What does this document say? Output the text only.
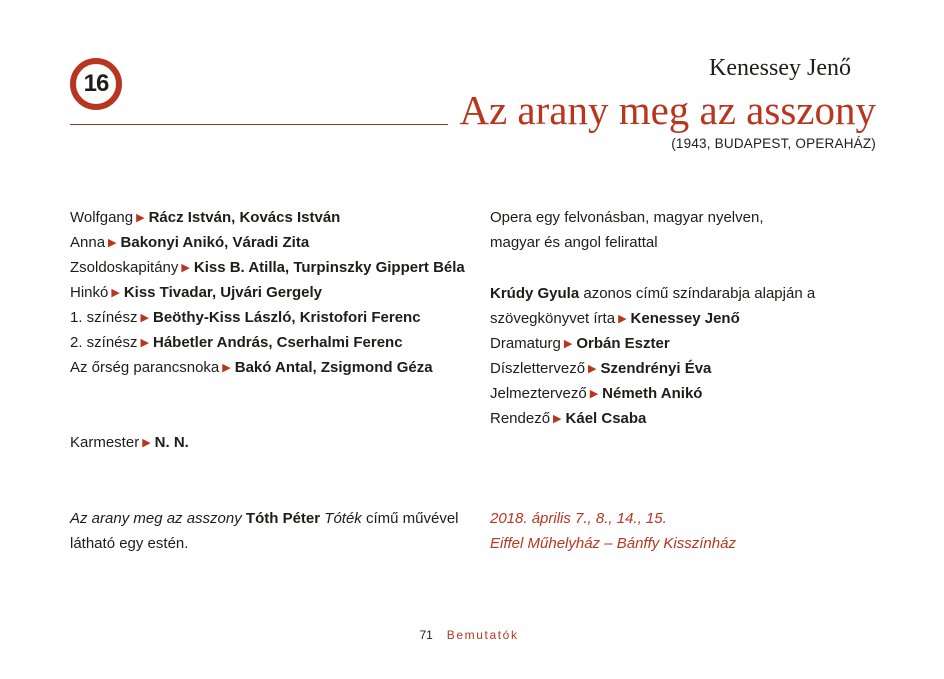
16
Kenessey Jenő
Az arany meg az asszony
(1943, BUDAPEST, OPERAHÁZ)
Wolfgang ▶ Rácz István, Kovács István
Anna ▶ Bakonyi Anikó, Váradi Zita
Zsoldoskapitány ▶ Kiss B. Atilla, Turpinszky Gippert Béla
Hinkó ▶ Kiss Tivadar, Ujvári Gergely
1. színész ▶ Beöthy-Kiss László, Kristofori Ferenc
2. színész ▶ Hábetler András, Cserhalmi Ferenc
Az őrség parancsnoka ▶ Bakó Antal, Zsigmond Géza
Karmester ▶ N. N.
Az arany meg az asszony Tóth Péter Tóték című művével
látható egy estén.
Opera egy felvonásban, magyar nyelven,
magyar és angol felirattal
Krúdy Gyula azonos című színdarabja alapján a
szövegkönyvet írta ▶ Kenessey Jenő
Dramaturg ▶ Orbán Eszter
Díszlettervező ▶ Szendrényi Éva
Jelmeztervező ▶ Németh Anikó
Rendező ▶ Káel Csaba
2018. április 7., 8., 14., 15.
Eiffel Műhelyház – Bánffy Kisszínház
71 Bemutatók
